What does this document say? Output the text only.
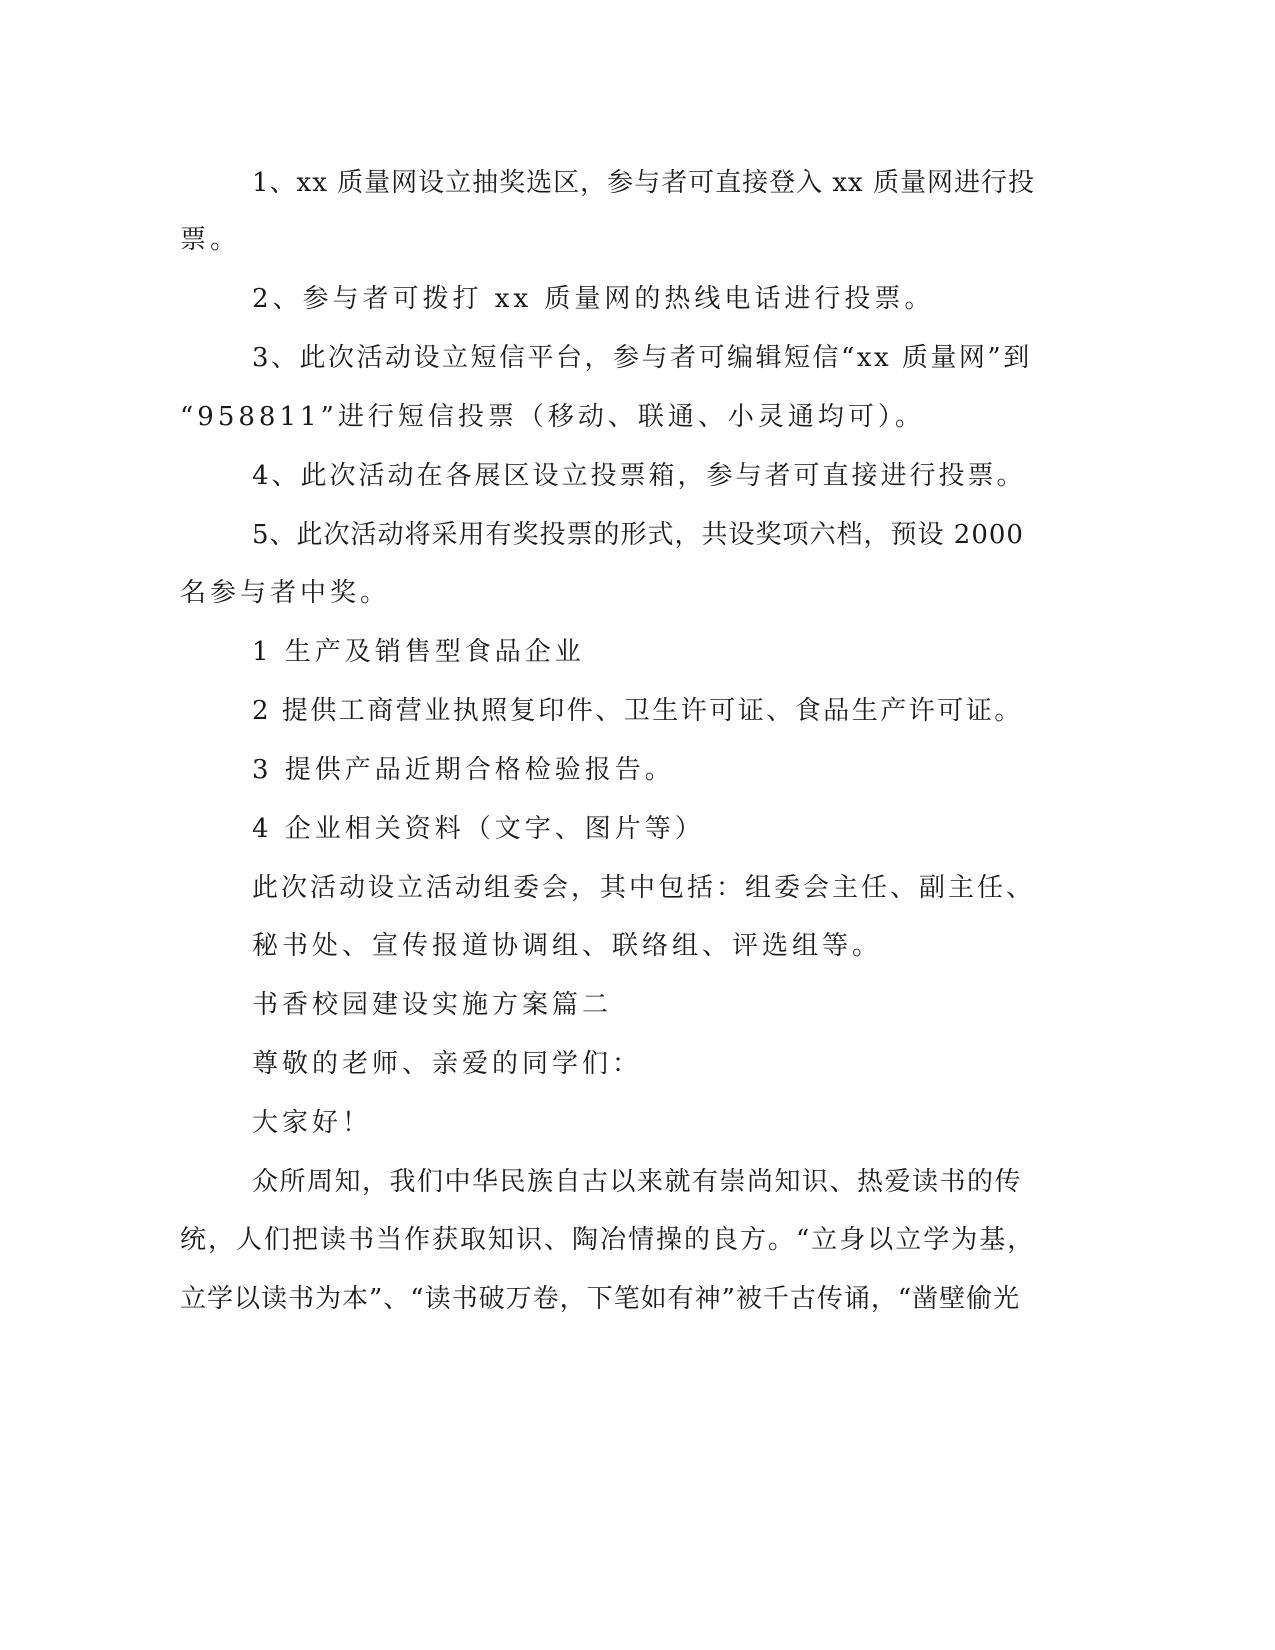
1、xx 质量网设立抽奖选区，参与者可直接登入 xx 质量网进行投

票。

2、参与者可拨打 xx 质量网的热线电话进行投票。

3、此次活动设立短信平台，参与者可编辑短信“xx 质量网”到

“958811”进行短信投票（移动、联通、小灵通均可）。

4、此次活动在各展区设立投票箱，参与者可直接进行投票。

5、此次活动将采用有奖投票的形式，共设奖项六档，预设 2000

名参与者中奖。

1 生产及销售型食品企业

2 提供工商营业执照复印件、卫生许可证、食品生产许可证。

3 提供产品近期合格检验报告。

4 企业相关资料（文字、图片等）

此次活动设立活动组委会，其中包括：组委会主任、副主任、

秘书处、宣传报道协调组、联络组、评选组等。

书香校园建设实施方案篇二

尊敬的老师、亲爱的同学们：

大家好！

众所周知，我们中华民族自古以来就有崇尚知识、热爱读书的传

统，人们把读书当作获取知识、陶冶情操的良方。“立身以立学为基，

立学以读书为本”、“读书破万卷，下笔如有神”被千古传诵，“凿壁偷光
